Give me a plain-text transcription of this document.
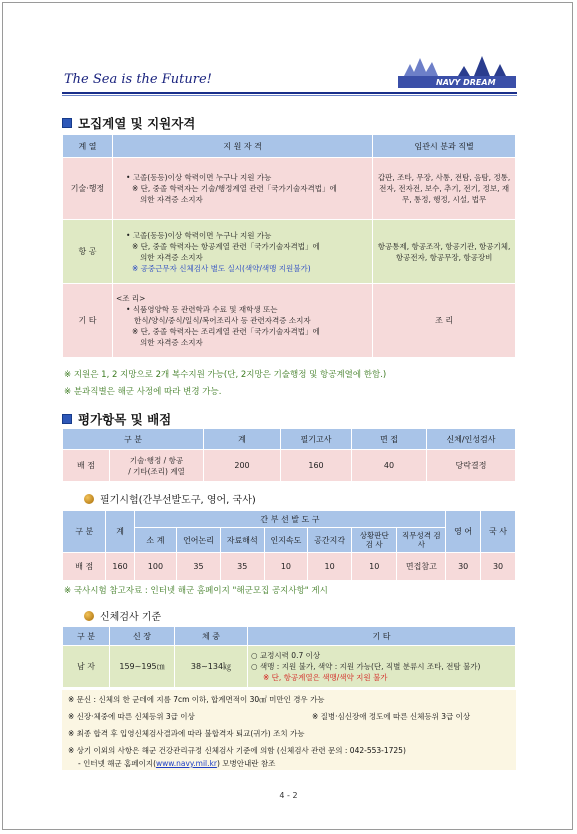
The Sea is the Future!	NAVY DREAM
모집계열 및 지원자격
계 열	지 원 자 격	임관시 분과 직별
기술·행정	• 고졸(동등)이상 학력이면 누구나 지원 가능
※ 단, 중졸 학력자는 기술/행정계열 관련「국가기술자격법」에
의한 자격증 소지자	갑판, 조타, 무장, 사통, 전탐, 음탐, 정통, 전자, 전자전, 보수, 추기, 전기, 정보, 재무, 통정, 행정, 시설, 법무
항 공	• 고졸(동등)이상 학력이면 누구나 지원 가능
※ 단, 중졸 학력자는 항공계열 관련「국가기술자격법」에
의한 자격증 소지자
※ 공중근무자 신체검사 별도 실시(색약/색맹 지원불가)	항공통제, 항공조작, 항공기관, 항공기체, 항공전자, 항공무장, 항공장비
기 타	<조 리>
• 식품영양학 등 관련학과 수료 및 재학생 또는
한식/양식/중식/일식/복어조리사 등 관련자격증 소지자
※ 단, 중졸 학력자는 조리계열 관련「국가기술자격법」에
의한 자격증 소지자	조 리
※ 지원은 1, 2 지망으로 2개 복수지원 가능(단, 2지망은 기술행정 및 항공계열에 한함.)
※ 분과직별은 해군 사정에 따라 변경 가능.
평가항목 및 배점
구 분		계	필기고사	면 접	신체/인성검사
배 점	기술·행정 / 항공 / 기타(조리) 계열	200	160	40	당락결정
필기시험(간부선발도구, 영어, 국사)
구 분	계	간 부 선 발 도 구							영 어	국 사
		소 계	언어논리	자료해석	인지속도	공간지각	상황판단 검 사	직무성격 검 사		
배 점	160	100	35	35	10	10	10	면접참고	30	30
※ 국사시험 참고자료 : 인터넷 해군 홈페이지 "해군모집 공지사항" 게시
신체검사 기준
구 분	신 장	체 중	기 타
남 자	159~195㎝	38~134㎏	○ 교정시력 0.7 이상
○ 색맹 : 지원 불가, 색약 : 지원 가능(단, 직별 분류시 조타, 전탐 불가)
※ 단, 항공계열은 색맹/색약 지원 불가
※ 문신 : 신체의 한 군데에 지름 7cm 이하, 합계면적이 30㎠ 미만인 경우 가능
※ 신장·체중에 따른 신체등위 3급 이상	※ 질병·심신장애 정도에 따른 신체등위 3급 이상
※ 최종 합격 후 입영신체검사결과에 따라 불합격자 퇴교(귀가) 조치 가능
※ 상기 이외의 사항은 해군 건강관리규정 신체검사 기준에 의함 (신체검사 관련 문의 : 042-553-1725)
- 인터넷 해군 홈페이지(www.navy.mil.kr) 모병안내란 참조
4 - 2
